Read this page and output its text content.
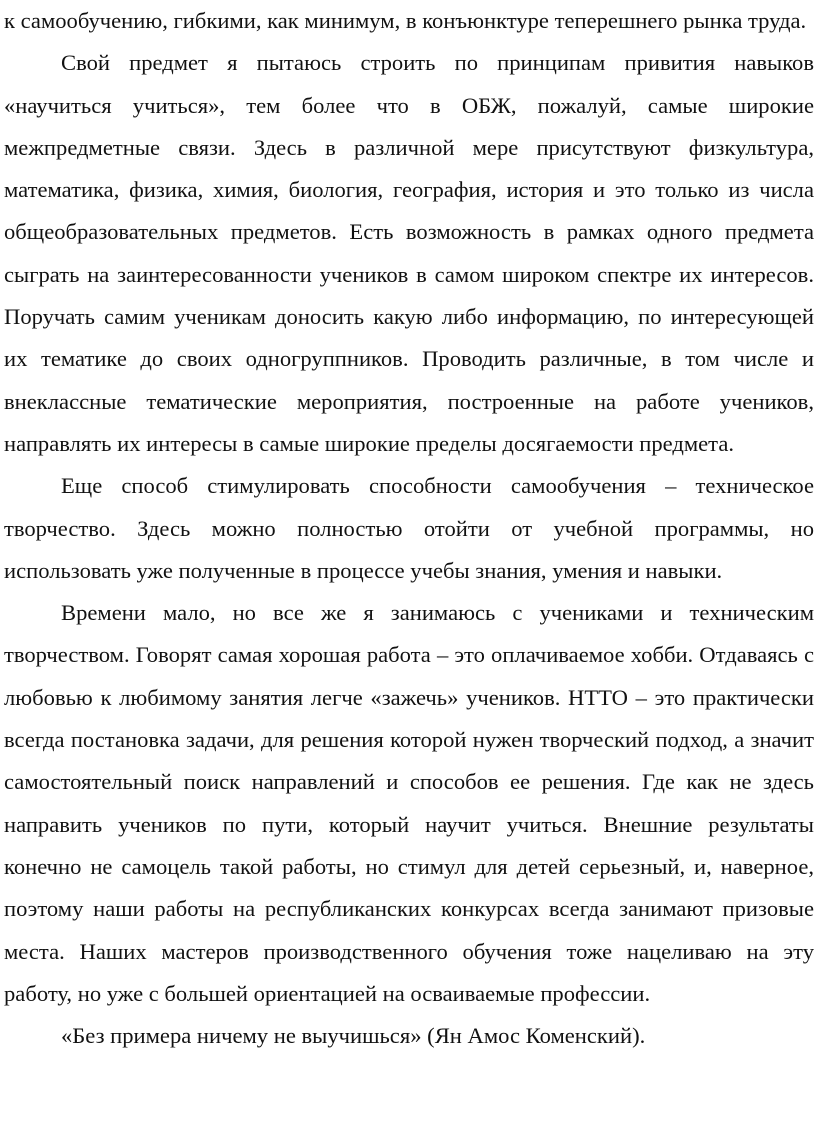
к самообучению, гибкими, как минимум, в конъюнктуре теперешнего рынка труда.

Свой предмет я пытаюсь строить по принципам привития навыков «научиться учиться», тем более что в ОБЖ, пожалуй, самые широкие межпредметные связи. Здесь в различной мере присутствуют физкультура, математика, физика, химия, биология, география, история и это только из числа общеобразовательных предметов. Есть возможность в рамках одного предмета сыграть на заинтересованности учеников в самом широком спектре их интересов. Поручать самим ученикам доносить какую либо информацию, по интересующей их тематике до своих одногруппников. Проводить различные, в том числе и внеклассные тематические мероприятия, построенные на работе учеников, направлять их интересы в самые широкие пределы досягаемости предмета.

Еще способ стимулировать способности самообучения – техническое творчество. Здесь можно полностью отойти от учебной программы, но использовать уже полученные в процессе учебы знания, умения и навыки.

Времени мало, но все же я занимаюсь с учениками и техническим творчеством. Говорят самая хорошая работа – это оплачиваемое хобби. Отдаваясь с любовью к любимому занятия легче «зажечь» учеников. НТТО – это практически всегда постановка задачи, для решения которой нужен творческий подход, а значит самостоятельный поиск направлений и способов ее решения. Где как не здесь направить учеников по пути, который научит учиться. Внешние результаты конечно не самоцель такой работы, но стимул для детей серьезный, и, наверное, поэтому наши работы на республиканских конкурсах всегда занимают призовые места. Наших мастеров производственного обучения тоже нацеливаю на эту работу, но уже с большей ориентацией на осваиваемые профессии.

«Без примера ничему не выучишься» (Ян Амос Коменский).
